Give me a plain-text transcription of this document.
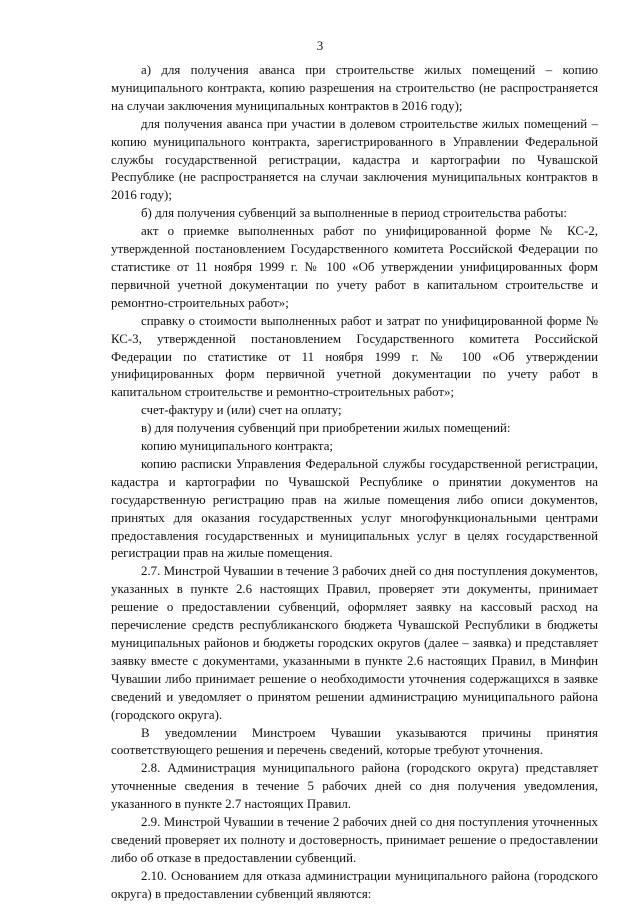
3

а) для получения аванса при строительстве жилых помещений – копию муниципального контракта, копию разрешения на строительство (не распространяется на случаи заключения муниципальных контрактов в 2016 году);

для получения аванса при участии в долевом строительстве жилых помещений – копию муниципального контракта, зарегистрированного в Управлении Федеральной службы государственной регистрации, кадастра и картографии по Чувашской Республике (не распространяется на случаи заключения муниципальных контрактов в 2016 году);

б) для получения субвенций за выполненные в период строительства работы:

акт о приемке выполненных работ по унифицированной форме № КС-2, утвержденной постановлением Государственного комитета Российской Федерации по статистике от 11 ноября 1999 г. № 100 «Об утверждении унифицированных форм первичной учетной документации по учету работ в капитальном строительстве и ремонтно-строительных работ»;

справку о стоимости выполненных работ и затрат по унифицированной форме № КС-3, утвержденной постановлением Государственного комитета Российской Федерации по статистике от 11 ноября 1999 г. № 100 «Об утверждении унифицированных форм первичной учетной документации по учету работ в капитальном строительстве и ремонтно-строительных работ»;

счет-фактуру и (или) счет на оплату;

в) для получения субвенций при приобретении жилых помещений:

копию муниципального контракта;

копию расписки Управления Федеральной службы государственной регистрации, кадастра и картографии по Чувашской Республике о принятии документов на государственную регистрацию прав на жилые помещения либо описи документов, принятых для оказания государственных услуг многофункциональными центрами предоставления государственных и муниципальных услуг в целях государственной регистрации прав на жилые помещения.

2.7. Минстрой Чувашии в течение 3 рабочих дней со дня поступления документов, указанных в пункте 2.6 настоящих Правил, проверяет эти документы, принимает решение о предоставлении субвенций, оформляет заявку на кассовый расход на перечисление средств республиканского бюджета Чувашской Республики в бюджеты муниципальных районов и бюджеты городских округов (далее – заявка) и представляет заявку вместе с документами, указанными в пункте 2.6 настоящих Правил, в Минфин Чувашии либо принимает решение о необходимости уточнения содержащихся в заявке сведений и уведомляет о принятом решении администрацию муниципального района (городского округа).

В уведомлении Минстроем Чувашии указываются причины принятия соответствующего решения и перечень сведений, которые требуют уточнения.

2.8. Администрация муниципального района (городского округа) представляет уточненные сведения в течение 5 рабочих дней со дня получения уведомления, указанного в пункте 2.7 настоящих Правил.

2.9. Минстрой Чувашии в течение 2 рабочих дней со дня поступления уточненных сведений проверяет их полноту и достоверность, принимает решение о предоставлении либо об отказе в предоставлении субвенций.

2.10. Основанием для отказа администрации муниципального района (городского округа) в предоставлении субвенций являются:
